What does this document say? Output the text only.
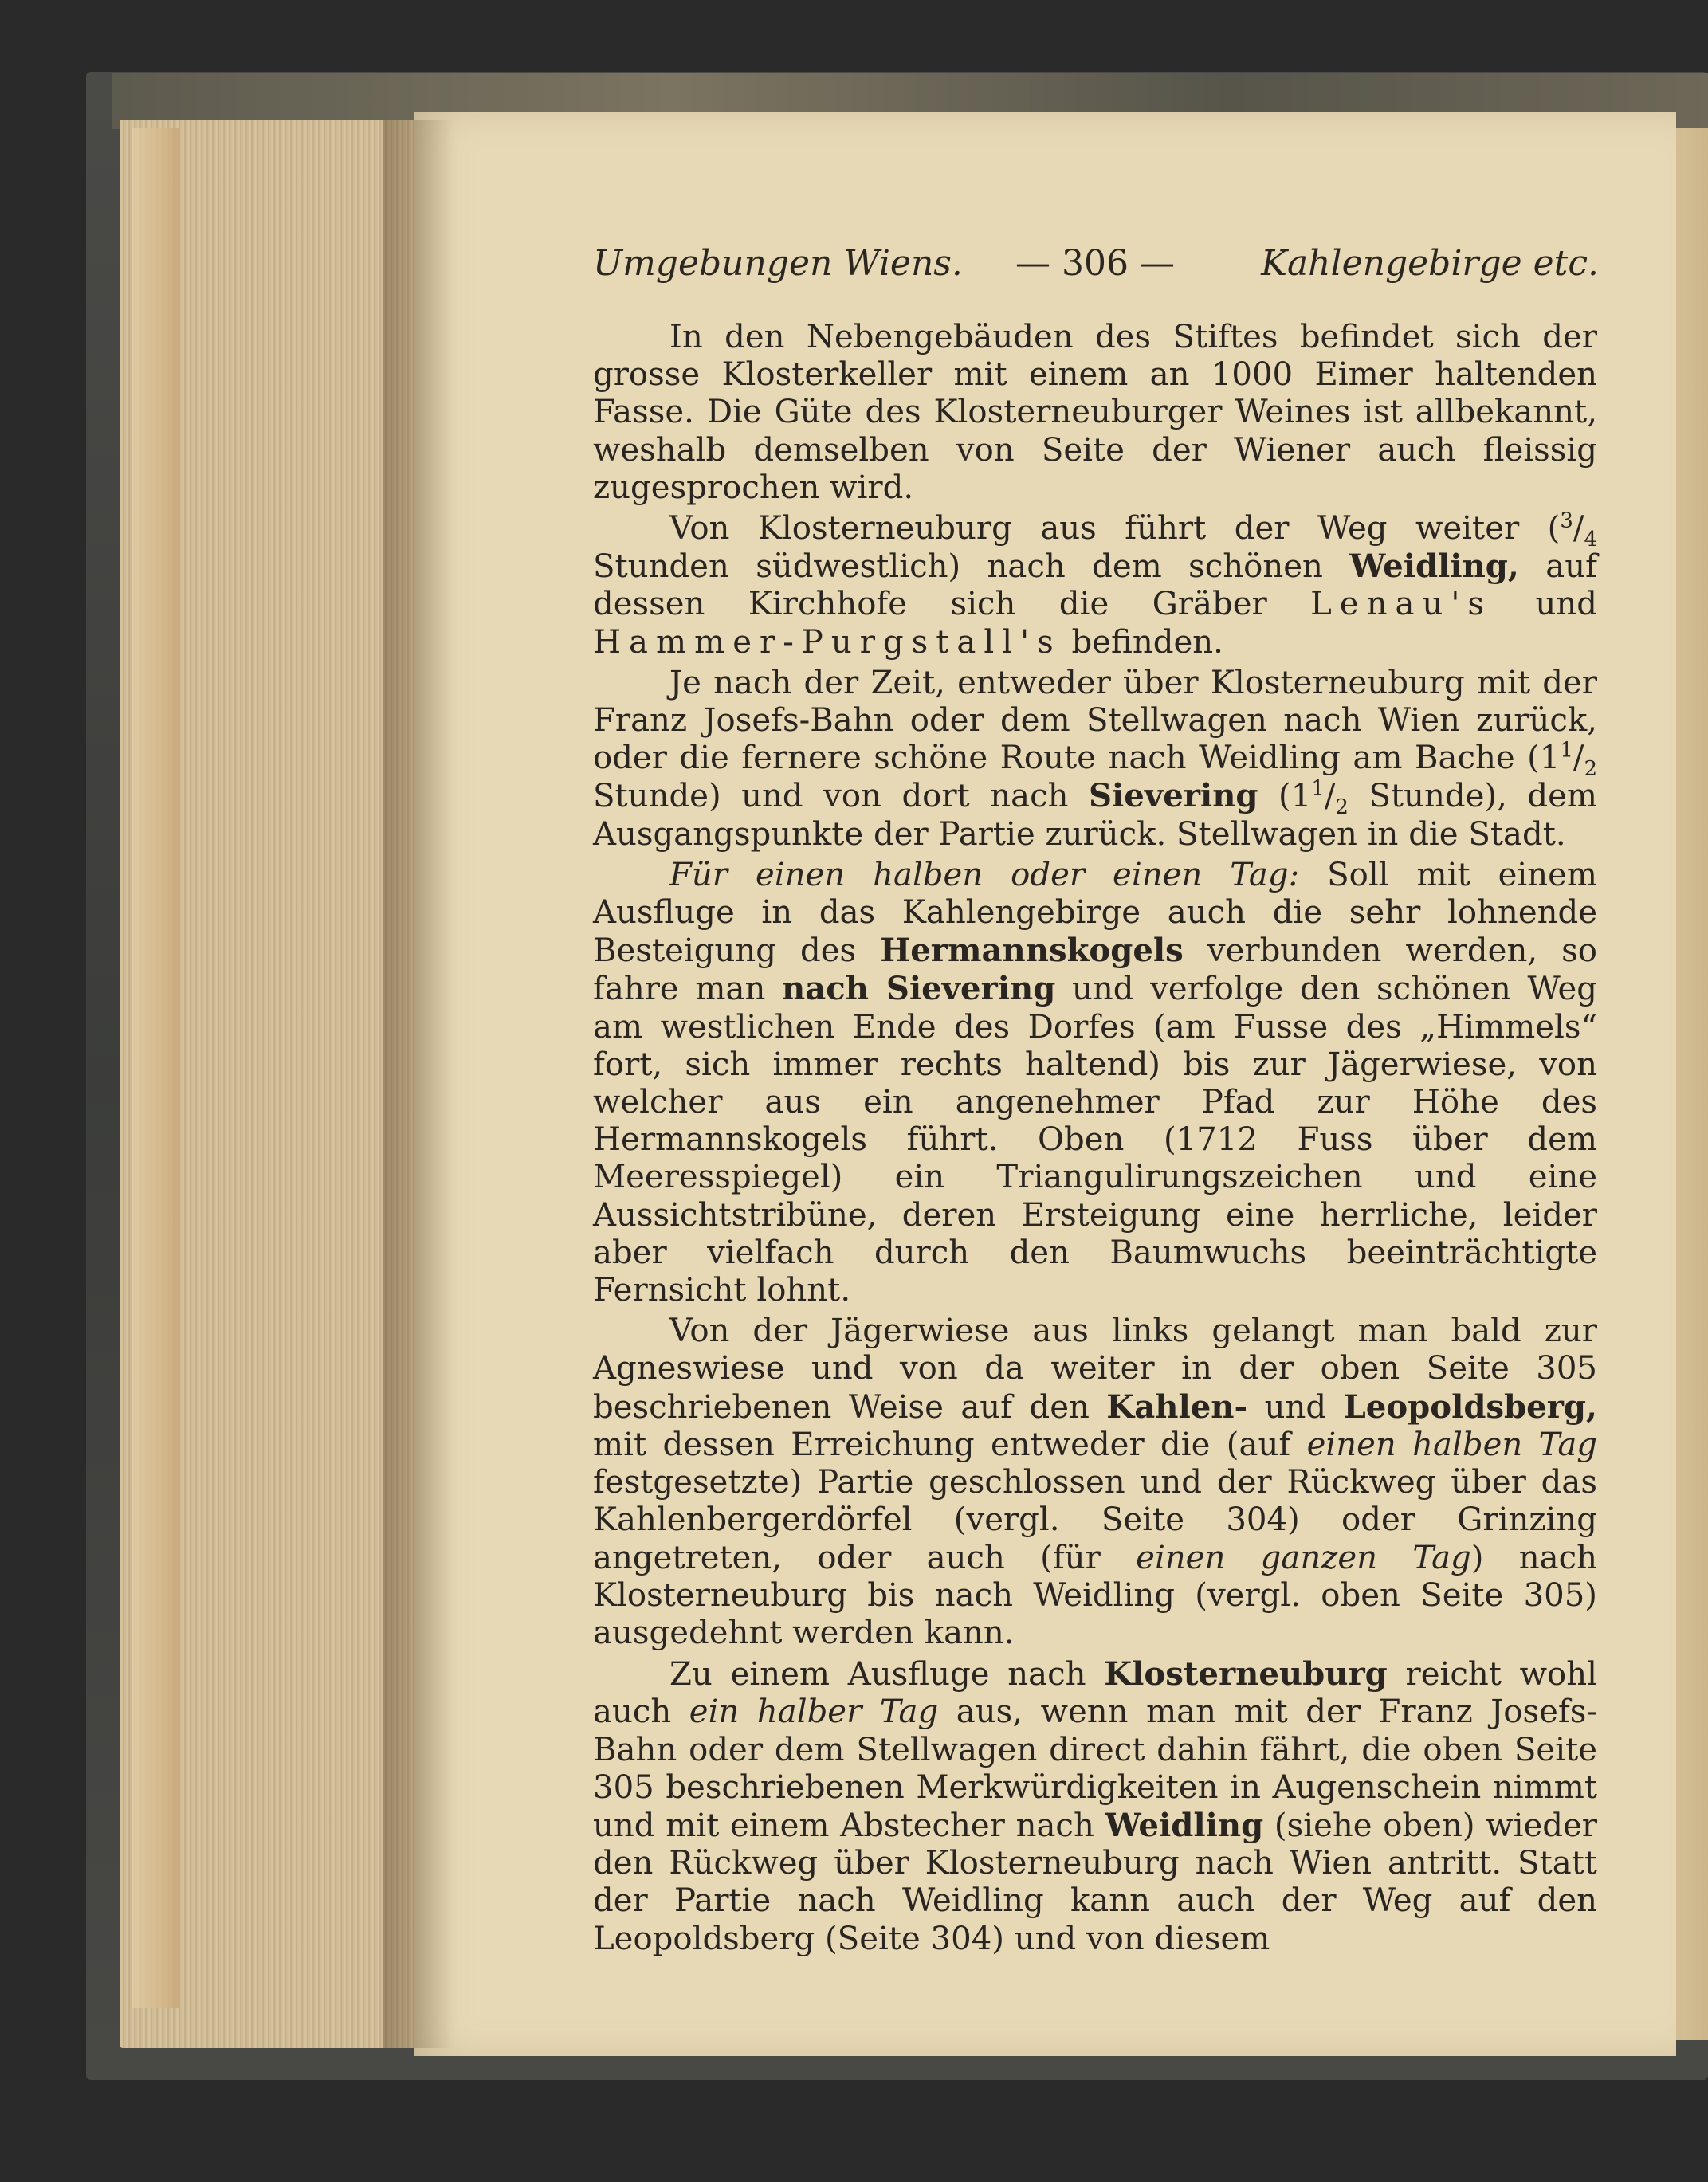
Umgebungen Wiens. — 306 — Kahlengebirge etc.

In den Nebengebäuden des Stiftes befindet sich der grosse Klosterkeller mit einem an 1000 Eimer haltenden Fasse. Die Güte des Klosterneuburger Weines ist allbekannt, weshalb demselben von Seite der Wiener auch fleissig zugesprochen wird.

Von Klosterneuburg aus führt der Weg weiter ($^3/_4$ Stunden südwestlich) nach dem schönen Weidling, auf dessen Kirchhofe sich die Gräber Lenau's und Hammer-Purgstall's befinden.

Je nach der Zeit, entweder über Klosterneuburg mit der Franz Josefs-Bahn oder dem Stellwagen nach Wien zurück, oder die fernere schöne Route nach Weidling am Bache ($1^1/_2$ Stunde) und von dort nach Sievering ($1^1/_2$ Stunde), dem Ausgangspunkte der Partie zurück. Stellwagen in die Stadt.

Für einen halben oder einen Tag: Soll mit einem Ausfluge in das Kahlengebirge auch die sehr lohnende Besteigung des Hermannskogels verbunden werden, so fahre man nach Sievering und verfolge den schönen Weg am westlichen Ende des Dorfes (am Fusse des „Himmels“ fort, sich immer rechts haltend) bis zur Jägerwiese, von welcher aus ein angenehmer Pfad zur Höhe des Hermannskogels führt. Oben (1712 Fuss über dem Meeresspiegel) ein Triangulirungszeichen und eine Aussichtstribüne, deren Ersteigung eine herrliche, leider aber vielfach durch den Baumwuchs beeinträchtigte Fernsicht lohnt.

Von der Jägerwiese aus links gelangt man bald zur Agneswiese und von da weiter in der oben Seite 305 beschriebenen Weise auf den Kahlen- und Leopoldsberg, mit dessen Erreichung entweder die (auf einen halben Tag festgesetzte) Partie geschlossen und der Rückweg über das Kahlenbergerdörfel (vergl. Seite 304) oder Grinzing angetreten, oder auch (für einen ganzen Tag) nach Klosterneuburg bis nach Weidling (vergl. oben Seite 305) ausgedehnt werden kann.

Zu einem Ausfluge nach Klosterneuburg reicht wohl auch ein halber Tag aus, wenn man mit der Franz Josefs-Bahn oder dem Stellwagen direct dahin fährt, die oben Seite 305 beschriebenen Merkwürdigkeiten in Augenschein nimmt und mit einem Abstecher nach Weidling (siehe oben) wieder den Rückweg über Klosterneuburg nach Wien antritt. Statt der Partie nach Weidling kann auch der Weg auf den Leopoldsberg (Seite 304) und von diesem
